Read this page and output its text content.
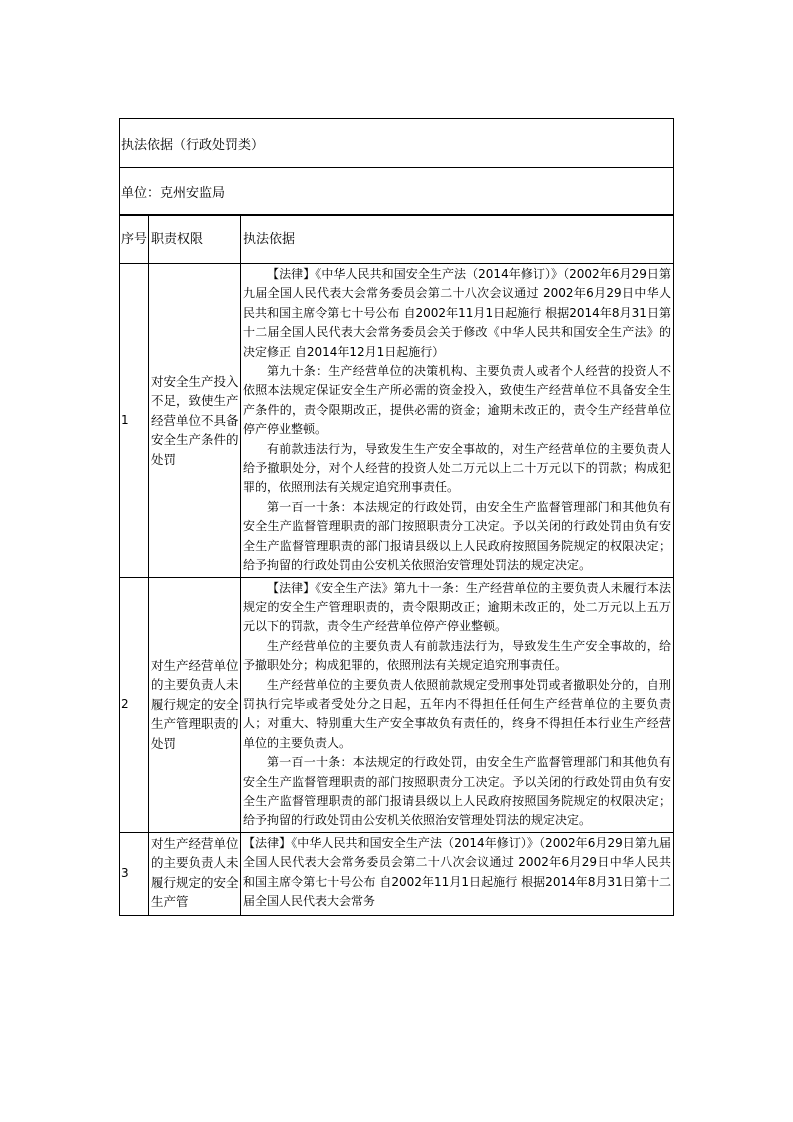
执法依据（行政处罚类）
单位：克州安监局
序号	职责权限	执法依据
1	对安全生产投入不足，致使生产经营单位不具备安全生产条件的处罚	【法律】《中华人民共和国安全生产法（2014年修订）》（2002年6月29日第九届全国人民代表大会常务委员会第二十八次会议通过 2002年6月29日中华人民共和国主席令第七十号公布 自2002年11月1日起施行 根据2014年8月31日第十二届全国人民代表大会常务委员会关于修改《中华人民共和国安全生产法》的决定修正 自2014年12月1日起施行）

第九十条：生产经营单位的决策机构、主要负责人或者个人经营的投资人不依照本法规定保证安全生产所必需的资金投入，致使生产经营单位不具备安全生产条件的，责令限期改正，提供必需的资金；逾期未改正的，责令生产经营单位停产停业整顿。

有前款违法行为，导致发生生产安全事故的，对生产经营单位的主要负责人给予撤职处分，对个人经营的投资人处二万元以上二十万元以下的罚款；构成犯罪的，依照刑法有关规定追究刑事责任。

第一百一十条：本法规定的行政处罚，由安全生产监督管理部门和其他负有安全生产监督管理职责的部门按照职责分工决定。予以关闭的行政处罚由负有安全生产监督管理职责的部门报请县级以上人民政府按照国务院规定的权限决定；给予拘留的行政处罚由公安机关依照治安管理处罚法的规定决定。

2	对生产经营单位的主要负责人未履行规定的安全生产管理职责的处罚	【法律】《安全生产法》第九十一条：生产经营单位的主要负责人未履行本法规定的安全生产管理职责的，责令限期改正；逾期未改正的，处二万元以上五万元以下的罚款，责令生产经营单位停产停业整顿。

生产经营单位的主要负责人有前款违法行为，导致发生生产安全事故的，给予撤职处分；构成犯罪的，依照刑法有关规定追究刑事责任。

生产经营单位的主要负责人依照前款规定受刑事处罚或者撤职处分的，自刑罚执行完毕或者受处分之日起，五年内不得担任任何生产经营单位的主要负责人；对重大、特别重大生产安全事故负有责任的，终身不得担任本行业生产经营单位的主要负责人。

第一百一十条：本法规定的行政处罚，由安全生产监督管理部门和其他负有安全生产监督管理职责的部门按照职责分工决定。予以关闭的行政处罚由负有安全生产监督管理职责的部门报请县级以上人民政府按照国务院规定的权限决定；给予拘留的行政处罚由公安机关依照治安管理处罚法的规定决定。

3	对生产经营单位的主要负责人未履行规定的安全生产管	【法律】《中华人民共和国安全生产法（2014年修订）》（2002年6月29日第九届全国人民代表大会常务委员会第二十八次会议通过 2002年6月29日中华人民共和国主席令第七十号公布 自2002年11月1日起施行 根据2014年8月31日第十二届全国人民代表大会常务
